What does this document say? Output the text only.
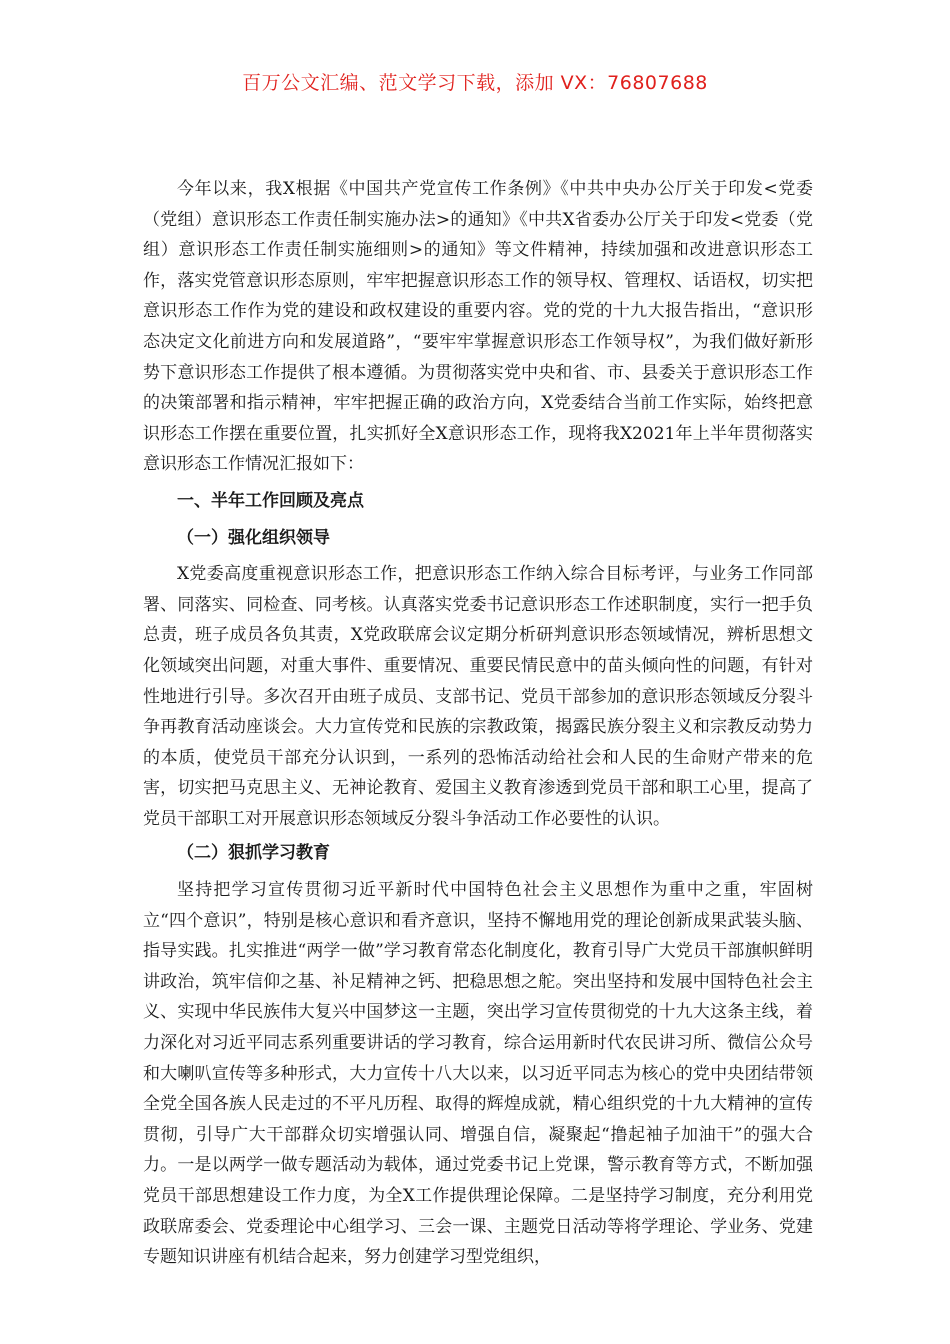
百万公文汇编、范文学习下载，添加 VX：76807688

今年以来，我X根据《中国共产党宣传工作条例》《中共中央办公厅关于印发<党委（党组）意识形态工作责任制实施办法>的通知》《中共X省委办公厅关于印发<党委（党组）意识形态工作责任制实施细则>的通知》等文件精神，持续加强和改进意识形态工作，落实党管意识形态原则，牢牢把握意识形态工作的领导权、管理权、话语权，切实把意识形态工作作为党的建设和政权建设的重要内容。党的党的十九大报告指出，“意识形态决定文化前进方向和发展道路”，“要牢牢掌握意识形态工作领导权”，为我们做好新形势下意识形态工作提供了根本遵循。为贯彻落实党中央和省、市、县委关于意识形态工作的决策部署和指示精神，牢牢把握正确的政治方向，X党委结合当前工作实际，始终把意识形态工作摆在重要位置，扎实抓好全X意识形态工作，现将我X2021年上半年贯彻落实意识形态工作情况汇报如下：

一、半年工作回顾及亮点
（一）强化组织领导

X党委高度重视意识形态工作，把意识形态工作纳入综合目标考评，与业务工作同部署、同落实、同检查、同考核。认真落实党委书记意识形态工作述职制度，实行一把手负总责，班子成员各负其责，X党政联席会议定期分析研判意识形态领域情况，辨析思想文化领域突出问题，对重大事件、重要情况、重要民情民意中的苗头倾向性的问题，有针对性地进行引导。多次召开由班子成员、支部书记、党员干部参加的意识形态领域反分裂斗争再教育活动座谈会。大力宣传党和民族的宗教政策，揭露民族分裂主义和宗教反动势力的本质，使党员干部充分认识到，一系列的恐怖活动给社会和人民的生命财产带来的危害，切实把马克思主义、无神论教育、爱国主义教育渗透到党员干部和职工心里，提高了党员干部职工对开展意识形态领域反分裂斗争活动工作必要性的认识。

（二）狠抓学习教育

坚持把学习宣传贯彻习近平新时代中国特色社会主义思想作为重中之重，牢固树立“四个意识”，特别是核心意识和看齐意识，坚持不懈地用党的理论创新成果武装头脑、指导实践。扎实推进“两学一做”学习教育常态化制度化，教育引导广大党员干部旗帜鲜明讲政治，筑牢信仰之基、补足精神之钙、把稳思想之舵。突出坚持和发展中国特色社会主义、实现中华民族伟大复兴中国梦这一主题，突出学习宣传贯彻党的十九大这条主线，着力深化对习近平同志系列重要讲话的学习教育，综合运用新时代农民讲习所、微信公众号和大喇叭宣传等多种形式，大力宣传十八大以来，以习近平同志为核心的党中央团结带领全党全国各族人民走过的不平凡历程、取得的辉煌成就，精心组织党的十九大精神的宣传贯彻，引导广大干部群众切实增强认同、增强自信，凝聚起“撸起袖子加油干”的强大合力。一是以两学一做专题活动为载体，通过党委书记上党课，警示教育等方式，不断加强党员干部思想建设工作力度，为全X工作提供理论保障。二是坚持学习制度，充分利用党政联席委会、党委理论中心组学习、三会一课、主题党日活动等将学理论、学业务、党建专题知识讲座有机结合起来，努力创建学习型党组织，
